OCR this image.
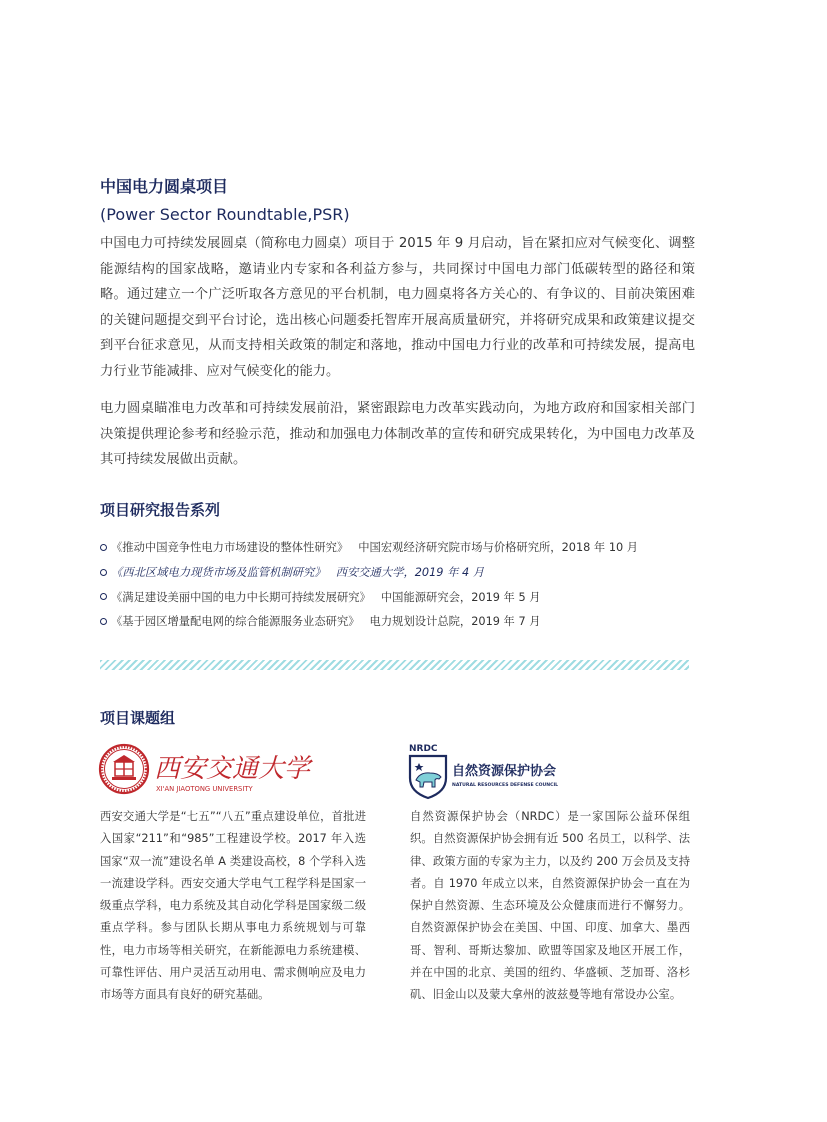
中国电力圆桌项目
(Power Sector Roundtable,PSR)

中国电力可持续发展圆桌（简称电力圆桌）项目于 2015 年 9 月启动，旨在紧扣应对气候变化、调整能源结构的国家战略，邀请业内专家和各利益方参与，共同探讨中国电力部门低碳转型的路径和策略。通过建立一个广泛听取各方意见的平台机制，电力圆桌将各方关心的、有争议的、目前决策困难的关键问题提交到平台讨论，选出核心问题委托智库开展高质量研究，并将研究成果和政策建议提交到平台征求意见，从而支持相关政策的制定和落地，推动中国电力行业的改革和可持续发展，提高电力行业节能减排、应对气候变化的能力。

电力圆桌瞄准电力改革和可持续发展前沿，紧密跟踪电力改革实践动向，为地方政府和国家相关部门决策提供理论参考和经验示范，推动和加强电力体制改革的宣传和研究成果转化，为中国电力改革及其可持续发展做出贡献。

项目研究报告系列
《推动中国竞争性电力市场建设的整体性研究》 中国宏观经济研究院市场与价格研究所，2018 年 10 月
《西北区域电力现货市场及监管机制研究》 西安交通大学，2019 年 4 月
《满足建设美丽中国的电力中长期可持续发展研究》 中国能源研究会，2019 年 5 月
《基于园区增量配电网的综合能源服务业态研究》 电力规划设计总院，2019 年 7 月
项目课题组
西安交通大学
XI'AN JIAOTONG UNIVERSITY
NRDC
自然资源保护协会
NATURAL RESOURCES DEFENSE COUNCIL

西安交通大学是“七五”“八五”重点建设单位，首批进入国家“211”和“985”工程建设学校。2017 年入选国家“双一流”建设名单 A 类建设高校，8 个学科入选一流建设学科。西安交通大学电气工程学科是国家一级重点学科，电力系统及其自动化学科是国家级二级重点学科。参与团队长期从事电力系统规划与可靠性，电力市场等相关研究，在新能源电力系统建模、可靠性评估、用户灵活互动用电、需求侧响应及电力市场等方面具有良好的研究基础。

自然资源保护协会（NRDC）是一家国际公益环保组织。自然资源保护协会拥有近 500 名员工，以科学、法律、政策方面的专家为主力，以及约 200 万会员及支持者。自 1970 年成立以来，自然资源保护协会一直在为保护自然资源、生态环境及公众健康而进行不懈努力。自然资源保护协会在美国、中国、印度、加拿大、墨西哥、智利、哥斯达黎加、欧盟等国家及地区开展工作，并在中国的北京、美国的纽约、华盛顿、芝加哥、洛杉矶、旧金山以及蒙大拿州的波兹曼等地有常设办公室。
